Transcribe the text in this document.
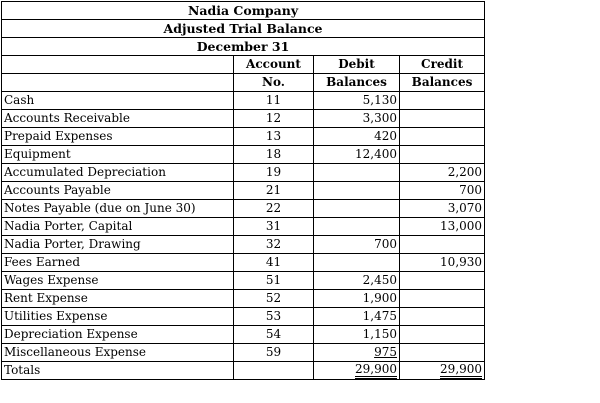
Nadia Company			
Adjusted Trial Balance			
December 31			
	Account	Debit	Credit
	No.	Balances	Balances
Cash	11	5,130	
Accounts Receivable	12	3,300	
Prepaid Expenses	13	420	
Equipment	18	12,400	
Accumulated Depreciation	19		2,200
Accounts Payable	21		700
Notes Payable (due on June 30)	22		3,070
Nadia Porter, Capital	31		13,000
Nadia Porter, Drawing	32	700	
Fees Earned	41		10,930
Wages Expense	51	2,450	
Rent Expense	52	1,900	
Utilities Expense	53	1,475	
Depreciation Expense	54	1,150	
Miscellaneous Expense	59	975	
Totals		29,900	29,900
